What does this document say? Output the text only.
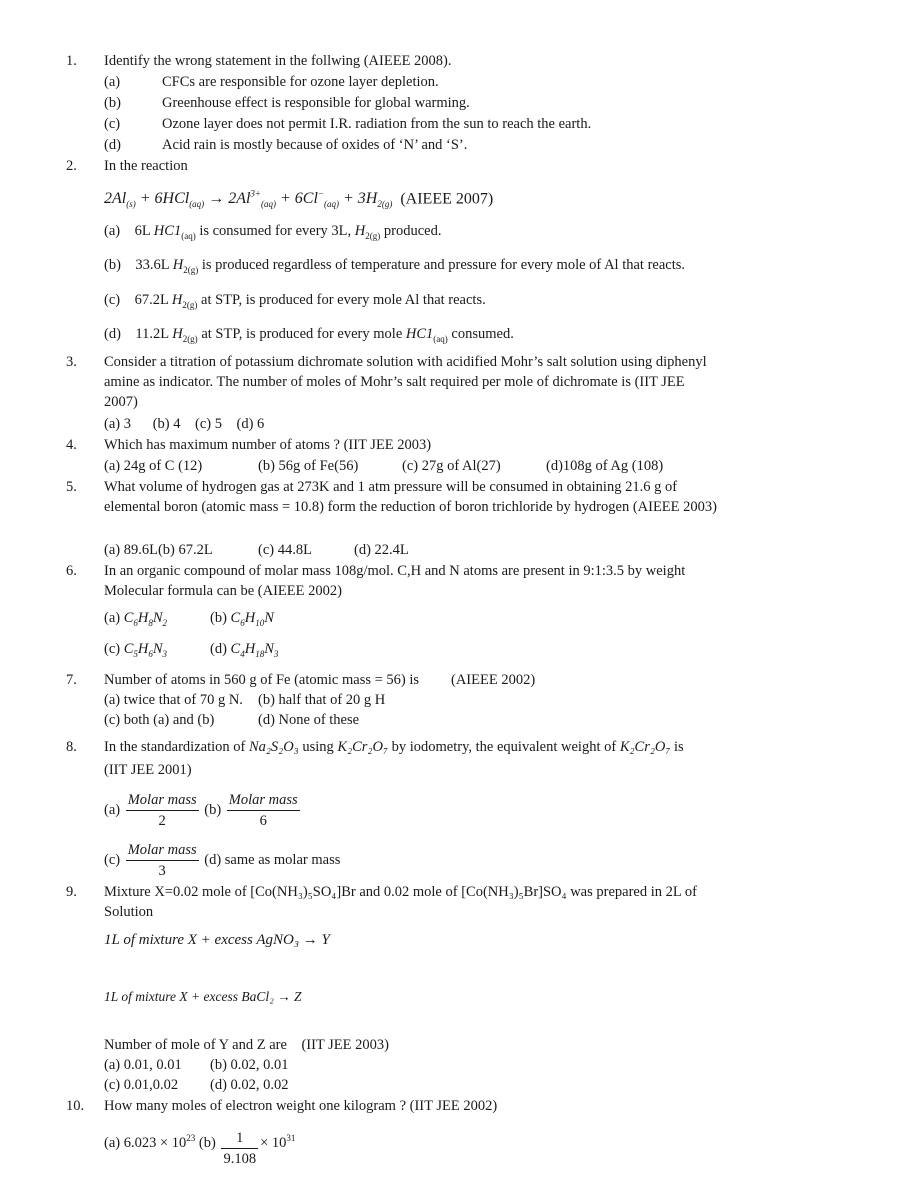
1. Identify the wrong statement in the follwing (AIEEE 2008).
(a)	CFCs are responsible for ozone layer depletion.
(b)	Greenhouse effect is responsible for global warming.
(c)	Ozone layer does not permit I.R. radiation from the sun to reach the earth.
(d)	Acid rain is mostly because of oxides of ‘N’ and ‘S’.
2. In the reaction
$2Al_{(s)} + 6HCl_{(aq)} \to 2Al^{3+}_{(aq)} + 6Cl^-_{(aq)} + 3H_{2(g)}$ (AIEEE 2007)
(a) 6L $HC1_{(aq)}$ is consumed for every 3L, $H_{2(g)}$ produced.
(b) 33.6L $H_{2(g)}$ is produced regardless of temperature and pressure for every mole of Al that reacts.
(c) 67.2L $H_{2(g)}$ at STP, is produced for every mole Al that reacts.
(d) 11.2L $H_{2(g)}$ at STP, is produced for every mole $HC1_{(aq)}$ consumed.
3. Consider a titration of potassium dichromate solution with acidified Mohr’s salt solution using diphenyl amine as indicator. The number of moles of Mohr’s salt required per mole of dichromate is (IIT JEE 2007)
(a) 3 (b) 4 (c) 5 (d) 6
4. Which has maximum number of atoms ? (IIT JEE 2003)
(a) 24g of C (12)	(b) 56g of Fe(56)	(c) 27g of Al(27)	(d)108g of Ag (108)
5. What volume of hydrogen gas at 273K and 1 atm pressure will be consumed in obtaining 21.6 g of elemental boron (atomic mass = 10.8) form the reduction of boron trichloride by hydrogen (AIEEE 2003)
(a) 89.6L(b) 67.2L	(c) 44.8L	(d) 22.4L
6. In an organic compound of molar mass 108g/mol. C,H and N atoms are present in 9:1:3.5 by weight Molecular formula can be (AIEEE 2002)
(a) $C_6H_8N_2$	(b) $C_6H_{10}N$
(c) $C_5H_6N_3$	(d) $C_4H_{18}N_3$
7. Number of atoms in 560 g of Fe (atomic mass = 56) is (AIEEE 2002)
(a) twice that of 70 g N. (b) half that of 20 g H
(c) both (a) and (b)	(d) None of these
8. In the standardization of Na₂S₂O₃ using K₂Cr₂O₇ by iodometry, the equivalent weight of K₂Cr₂O₇ is
(IIT JEE 2001)
$(a) \frac{\text{Molar mass}}{2} (b) \frac{\text{Molar mass}}{6}$
$(c) \frac{\text{Molar mass}}{3} (d)$ same as molar mass
9. Mixture X=0.02 mole of [Co(NH₃)₅SO₄]Br and 0.02 mole of [Co(NH₃)₅Br]SO₄ was prepared in 2L of Solution
1L of mixture X + excess AgNO₃ → Y
1L of mixture X + excess BaCl₂ → Z
Number of mole of Y and Z are (IIT JEE 2003)
(a) 0.01, 0.01 (b) 0.02, 0.01
(c) 0.01,0.02 (d) 0.02, 0.02
10. How many moles of electron weight one kilogram ? (IIT JEE 2002)
(a) $6.023 \times 10^{23}$ $(b) \frac{1}{9.108} \times 10^{31}$
